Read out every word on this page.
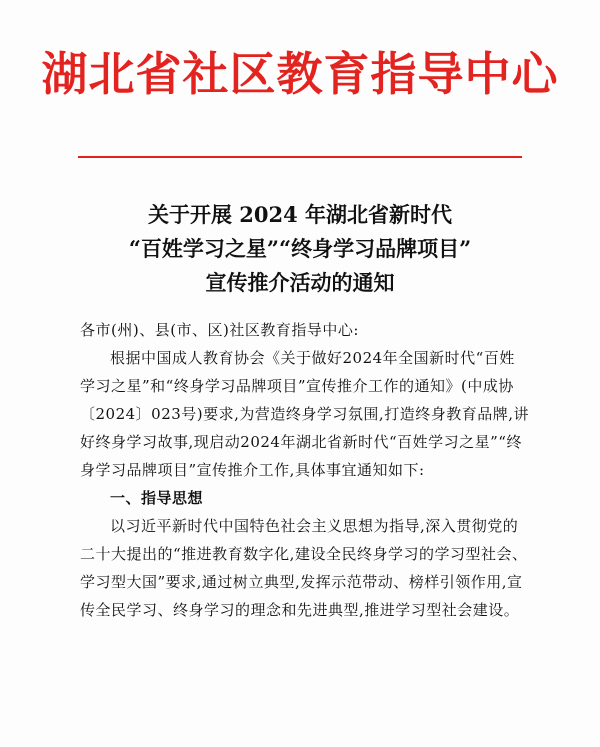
湖北省社区教育指导中心
关于开展 2024 年湖北省新时代
“百姓学习之星”“终身学习品牌项目”
宣传推介活动的通知

各市(州)、县(市、区)社区教育指导中心:

根据中国成人教育协会《关于做好2024年全国新时代“百姓学习之星”和“终身学习品牌项目”宣传推介工作的通知》(中成协〔2024〕023号)要求,为营造终身学习氛围,打造终身教育品牌,讲好终身学习故事,现启动2024年湖北省新时代“百姓学习之星”“终身学习品牌项目”宣传推介工作,具体事宜通知如下:

一、指导思想

以习近平新时代中国特色社会主义思想为指导,深入贯彻党的二十大提出的“推进教育数字化,建设全民终身学习的学习型社会、学习型大国”要求,通过树立典型,发挥示范带动、榜样引领作用,宣传全民学习、终身学习的理念和先进典型,推进学习型社会建设。
